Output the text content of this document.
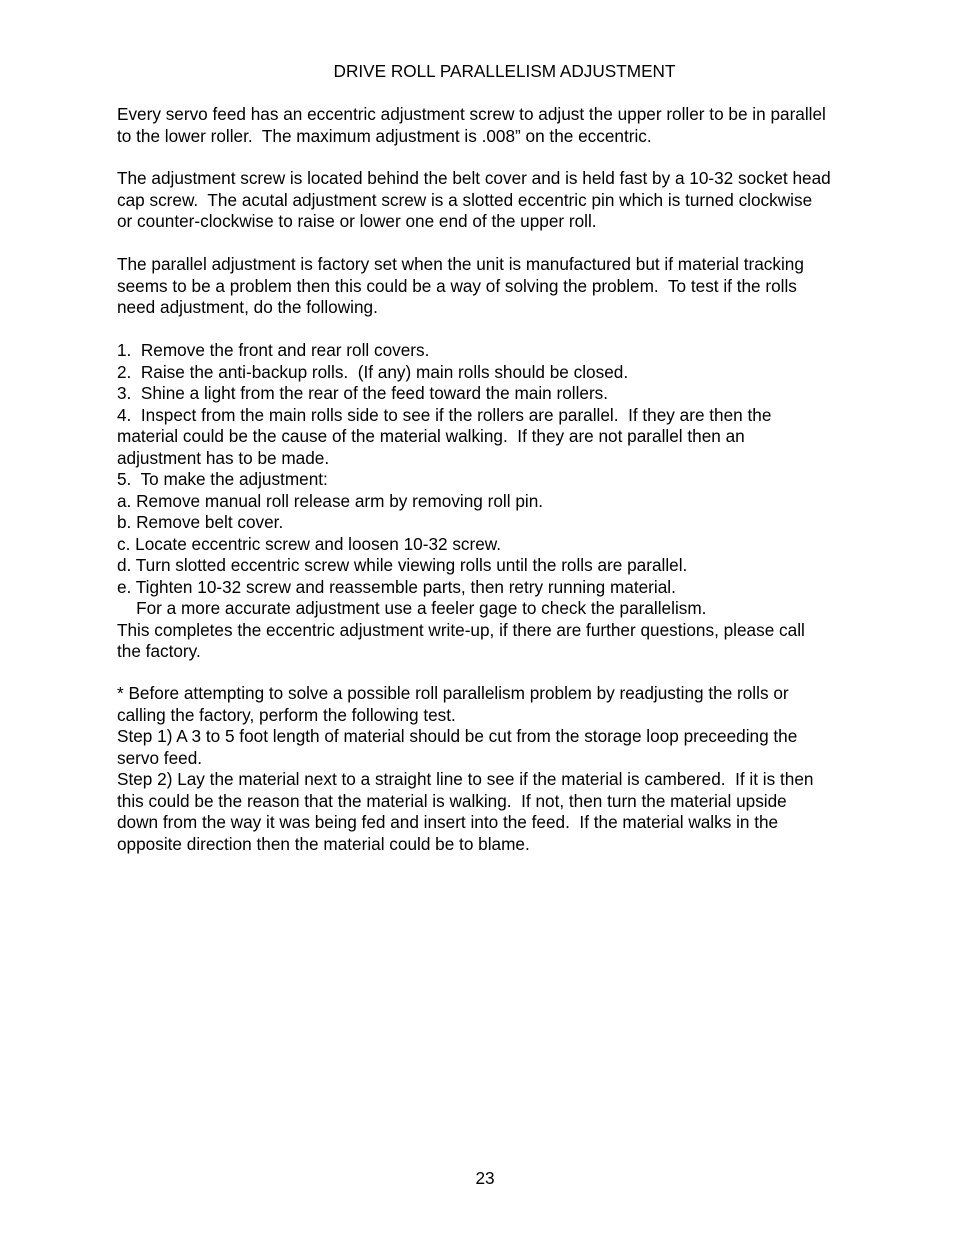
DRIVE ROLL PARALLELISM ADJUSTMENT
Every servo feed has an eccentric adjustment screw to adjust the upper roller to be in parallel
to the lower roller.  The maximum adjustment is .008” on the eccentric.
The adjustment screw is located behind the belt cover and is held fast by a 10-32 socket head
cap screw.  The acutal adjustment screw is a slotted eccentric pin which is turned clockwise
or counter-clockwise to raise or lower one end of the upper roll.
The parallel adjustment is factory set when the unit is manufactured but if material tracking
seems to be a problem then this could be a way of solving the problem.  To test if the rolls
need adjustment, do the following.
1.  Remove the front and rear roll covers.
2.  Raise the anti-backup rolls.  (If any) main rolls should be closed.
3.  Shine a light from the rear of the feed toward the main rollers.
4.  Inspect from the main rolls side to see if the rollers are parallel.  If they are then the
material could be the cause of the material walking.  If they are not parallel then an
adjustment has to be made.
5.  To make the adjustment:
a. Remove manual roll release arm by removing roll pin.
b. Remove belt cover.
c. Locate eccentric screw and loosen 10-32 screw.
d. Turn slotted eccentric screw while viewing rolls until the rolls are parallel.
e. Tighten 10-32 screw and reassemble parts, then retry running material.
For a more accurate adjustment use a feeler gage to check the parallelism.
This completes the eccentric adjustment write-up, if there are further questions, please call
the factory.
* Before attempting to solve a possible roll parallelism problem by readjusting the rolls or
calling the factory, perform the following test.
Step 1) A 3 to 5 foot length of material should be cut from the storage loop preceeding the
servo feed.
Step 2) Lay the material next to a straight line to see if the material is cambered.  If it is then
this could be the reason that the material is walking.  If not, then turn the material upside
down from the way it was being fed and insert into the feed.  If the material walks in the
opposite direction then the material could be to blame.
23
